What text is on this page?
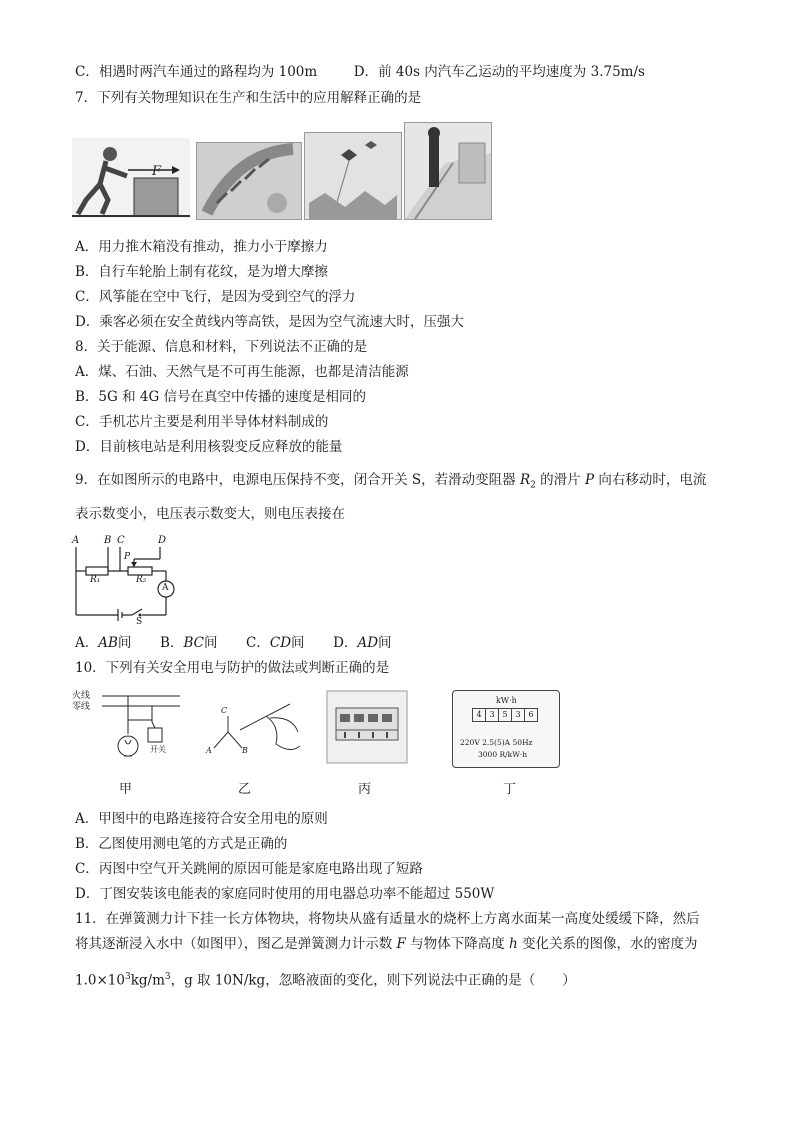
C．相遇时两汽车通过的路程均为 100m	D．前 40s 内汽车乙运动的平均速度为 3.75m/s
7．下列有关物理知识在生产和生活中的应用解释正确的是
F
A．用力推木箱没有推动，推力小于摩擦力
B．自行车轮胎上制有花纹，是为增大摩擦
C．风筝能在空中飞行，是因为受到空气的浮力
D．乘客必须在安全黄线内等高铁，是因为空气流速大时，压强大
8．关于能源、信息和材料，下列说法不正确的是
A．煤、石油、天然气是不可再生能源，也都是清洁能源
B．5G 和 4G 信号在真空中传播的速度是相同的
C．手机芯片主要是利用半导体材料制成的
D．目前核电站是利用核裂变反应释放的能量
9．在如图所示的电路中，电源电压保持不变，闭合开关 S，若滑动变阻器 $R_2$ 的滑片 P 向右移动时，电流
表示数变小，电压表示数变大，则电压表接在
A B C	D
P
R₁	R₂
A
S
A．AB间 B．BC间 C．CD间 D．AD间
10．下列有关安全用电与防护的做法或判断正确的是
火线
零线
开关
甲
C
A	B
乙	丙
kW·h
4 3 5 3 6
220V 2.5(5)A 50Hz
3000 R/kW·h
丁
A．甲图中的电路连接符合安全用电的原则
B．乙图使用测电笔的方式是正确的
C．丙图中空气开关跳闸的原因可能是家庭电路出现了短路
D．丁图安装该电能表的家庭同时使用的用电器总功率不能超过 550W
11．在弹簧测力计下挂一长方体物块，将物块从盛有适量水的烧杯上方离水面某一高度处缓缓下降，然后
将其逐渐浸入水中（如图甲），图乙是弹簧测力计示数 F 与物体下降高度 h 变化关系的图像，水的密度为
$1.0\times 10^3kg/m^3$，g 取 10N/kg，忽略液面的变化，则下列说法中正确的是（　　）
